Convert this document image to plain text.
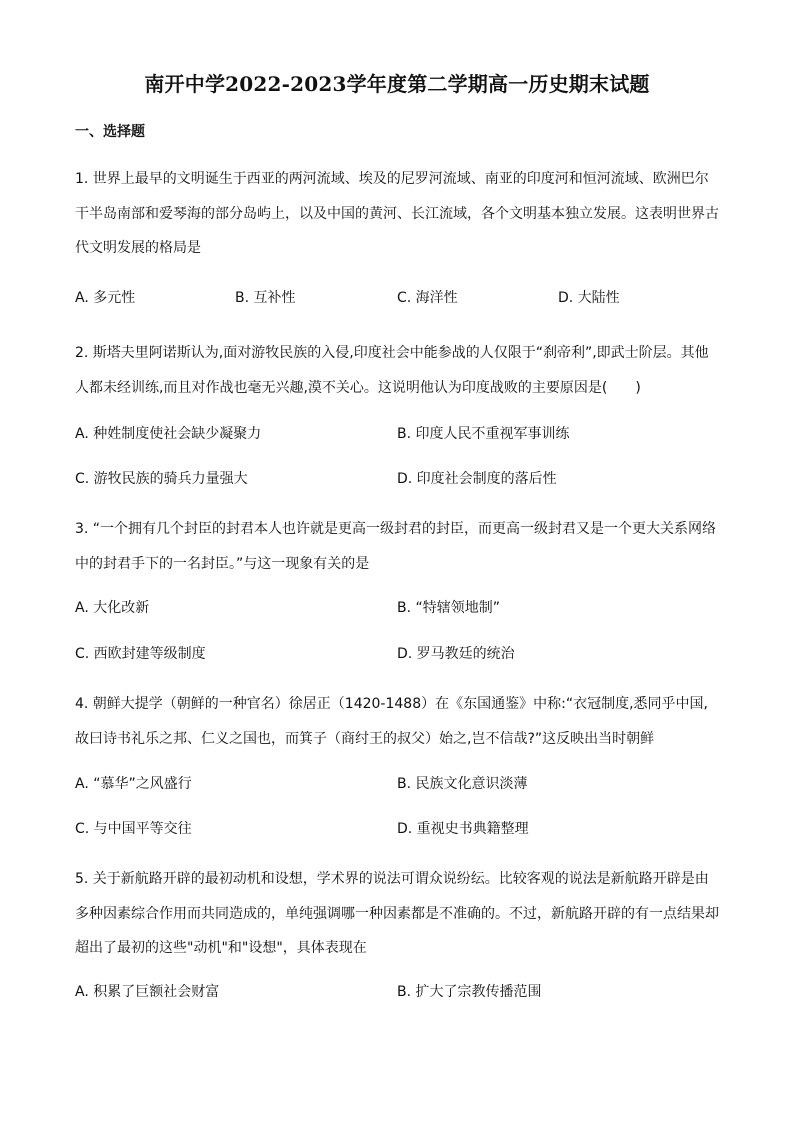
南开中学2022-2023学年度第二学期高一历史期末试题
一、选择题
1. 世界上最早的文明诞生于西亚的两河流域、埃及的尼罗河流域、南亚的印度河和恒河流域、欧洲巴尔干半岛南部和爱琴海的部分岛屿上，以及中国的黄河、长江流域，各个文明基本独立发展。这表明世界古代文明发展的格局是
A. 多元性	B. 互补性	C. 海洋性	D. 大陆性
2. 斯塔夫里阿诺斯认为,面对游牧民族的入侵,印度社会中能参战的人仅限于“刹帝利”,即武士阶层。其他人都未经训练,而且对作战也毫无兴趣,漠不关心。这说明他认为印度战败的主要原因是(　　)
A. 种姓制度使社会缺少凝聚力	B. 印度人民不重视军事训练
C. 游牧民族的骑兵力量强大	D. 印度社会制度的落后性
3. “一个拥有几个封臣的封君本人也许就是更高一级封君的封臣，而更高一级封君又是一个更大关系网络中的封君手下的一名封臣。”与这一现象有关的是
A. 大化改新	B. “特辖领地制”
C. 西欧封建等级制度	D. 罗马教廷的统治
4. 朝鲜大提学（朝鲜的一种官名）徐居正（1420-1488）在《东国通鉴》中称:“衣冠制度,悉同乎中国,故曰诗书礼乐之邦、仁义之国也，而箕子（商纣王的叔父）始之,岂不信哉?”这反映出当时朝鲜
A. “慕华”之风盛行	B. 民族文化意识淡薄
C. 与中国平等交往	D. 重视史书典籍整理
5. 关于新航路开辟的最初动机和设想，学术界的说法可谓众说纷纭。比较客观的说法是新航路开辟是由多种因素综合作用而共同造成的，单纯强调哪一种因素都是不准确的。不过，新航路开辟的有一点结果却超出了最初的这些"动机"和"设想"，具体表现在
A. 积累了巨额社会财富	B. 扩大了宗教传播范围
